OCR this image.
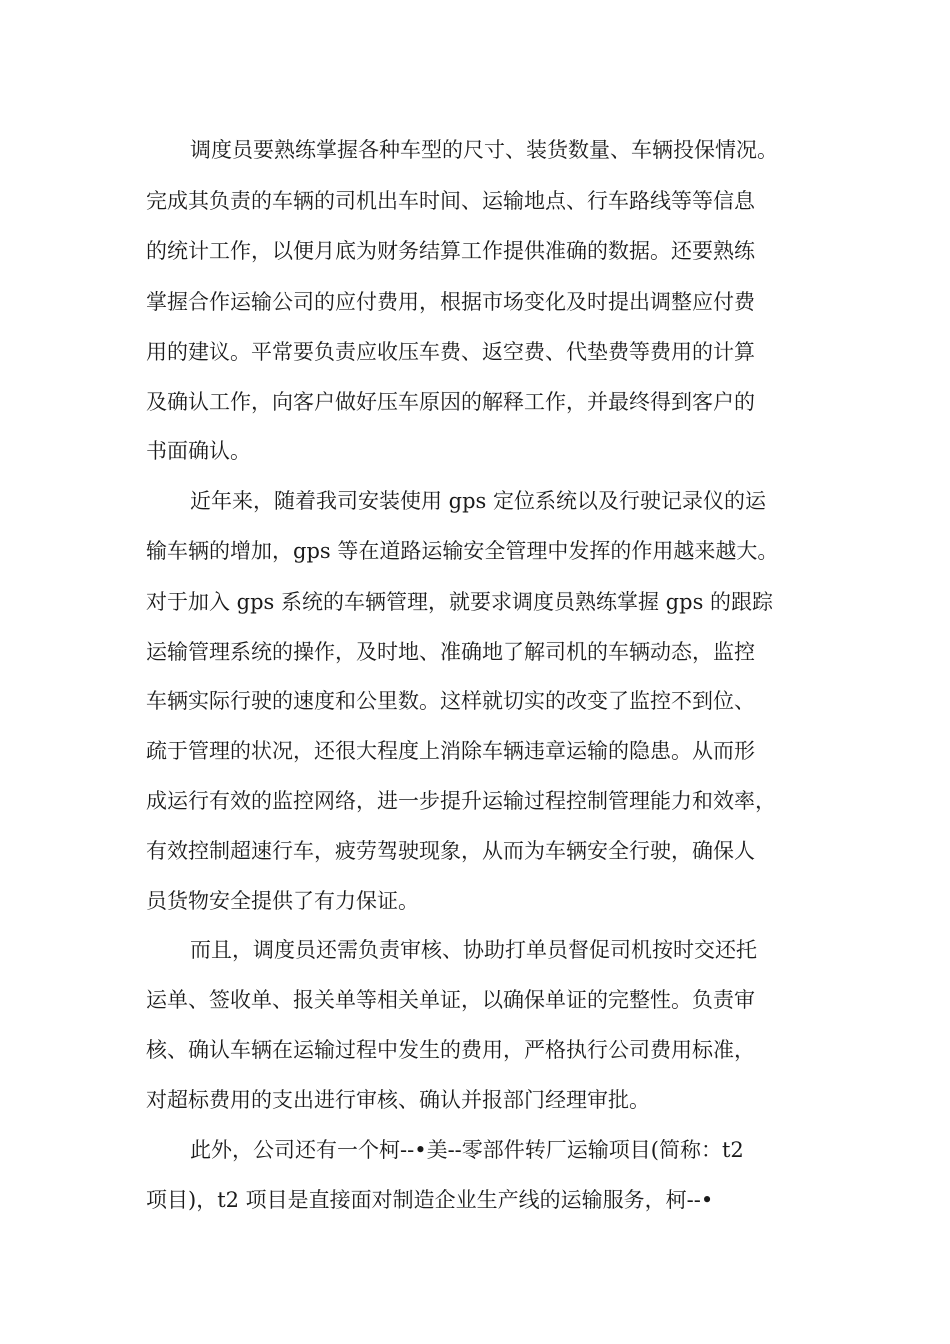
调度员要熟练掌握各种车型的尺寸、装货数量、车辆投保情况。
完成其负责的车辆的司机出车时间、运输地点、行车路线等等信息
的统计工作，以便月底为财务结算工作提供准确的数据。还要熟练
掌握合作运输公司的应付费用，根据市场变化及时提出调整应付费
用的建议。平常要负责应收压车费、返空费、代垫费等费用的计算
及确认工作，向客户做好压车原因的解释工作，并最终得到客户的
书面确认。
近年来，随着我司安装使用 gps 定位系统以及行驶记录仪的运
输车辆的增加，gps 等在道路运输安全管理中发挥的作用越来越大。
对于加入 gps 系统的车辆管理，就要求调度员熟练掌握 gps 的跟踪
运输管理系统的操作，及时地、准确地了解司机的车辆动态，监控
车辆实际行驶的速度和公里数。这样就切实的改变了监控不到位、
疏于管理的状况，还很大程度上消除车辆违章运输的隐患。从而形
成运行有效的监控网络，进一步提升运输过程控制管理能力和效率，
有效控制超速行车，疲劳驾驶现象，从而为车辆安全行驶，确保人
员货物安全提供了有力保证。
而且，调度员还需负责审核、协助打单员督促司机按时交还托
运单、签收单、报关单等相关单证，以确保单证的完整性。负责审
核、确认车辆在运输过程中发生的费用，严格执行公司费用标准，
对超标费用的支出进行审核、确认并报部门经理审批。
此外，公司还有一个柯--•美--零部件转厂运输项目(简称：t2
项目)，t2 项目是直接面对制造企业生产线的运输服务，柯--•
